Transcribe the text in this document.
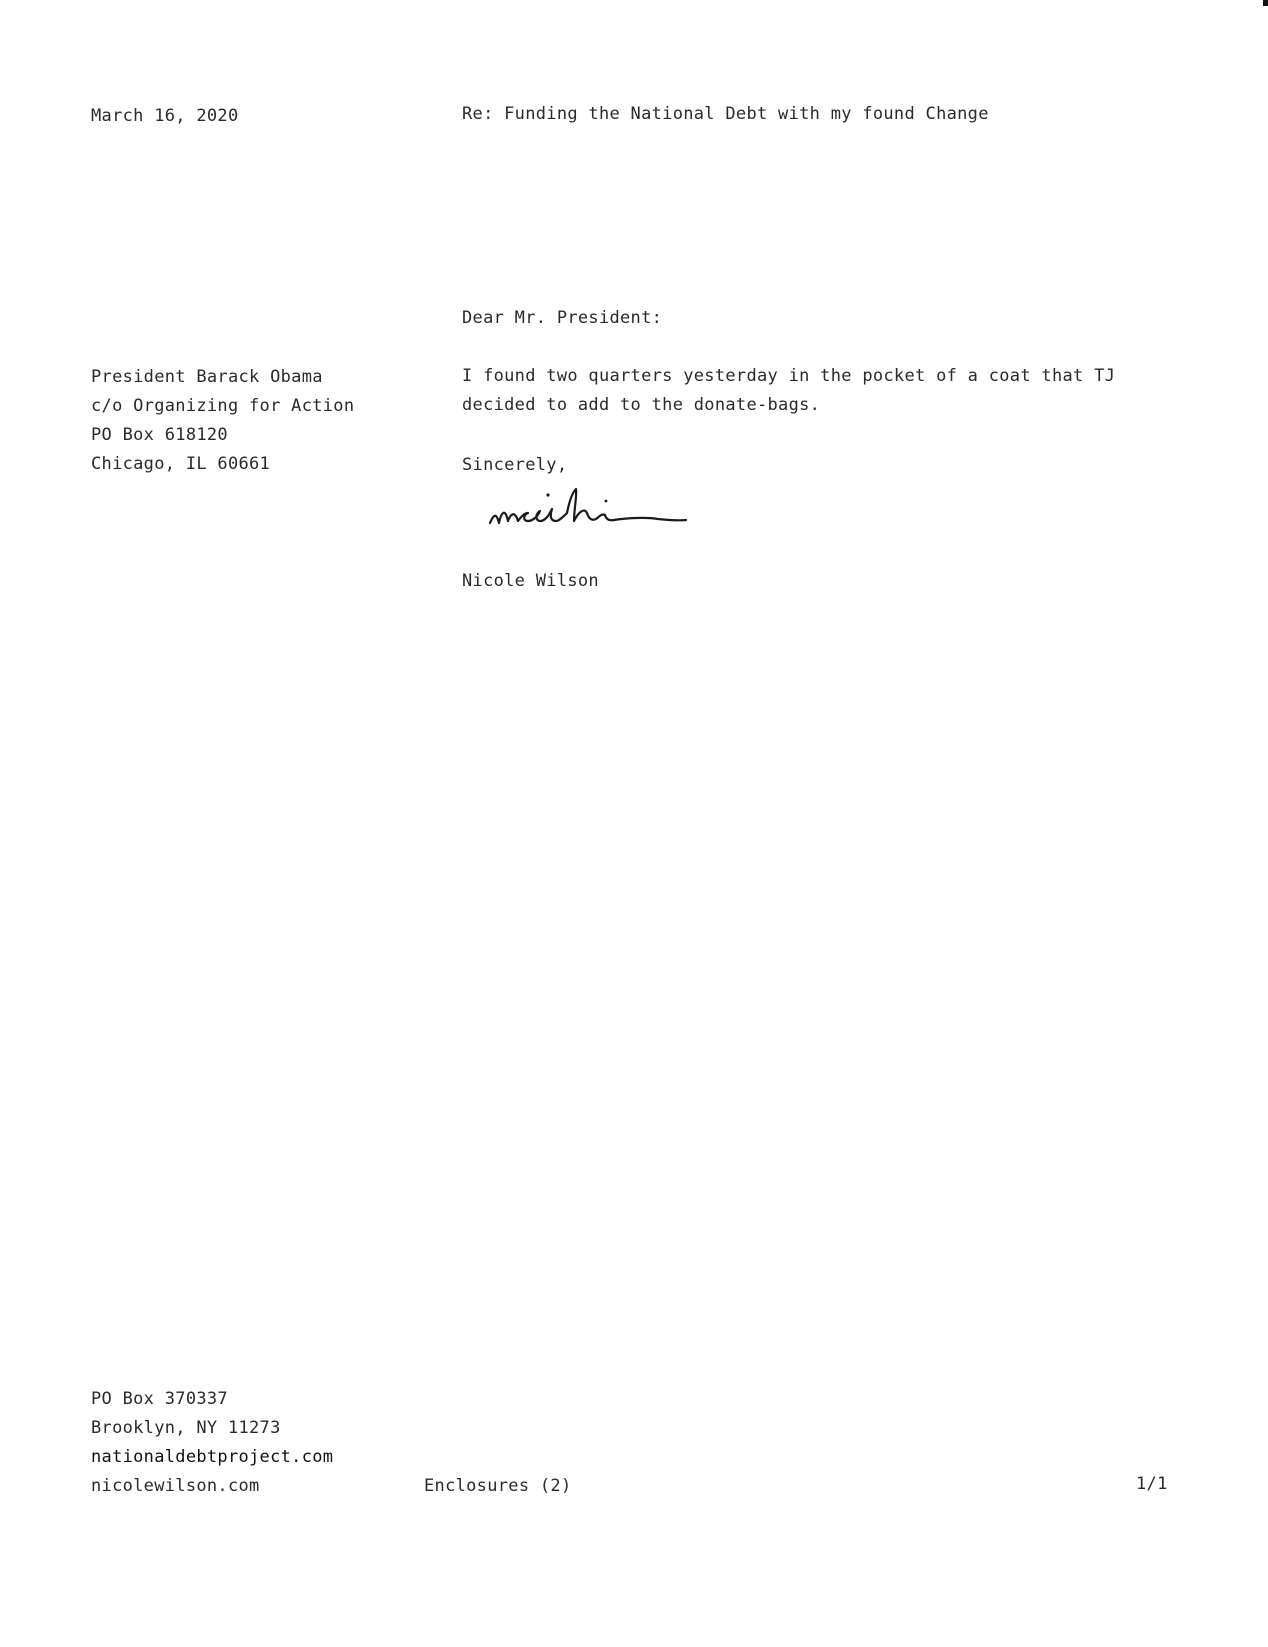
March 16, 2020	Re: Funding the National Debt with my found Change
Dear Mr. President:
President Barack Obama
c/o Organizing for Action
PO Box 618120
Chicago, IL 60661
I found two quarters yesterday in the pocket of a coat that TJ
decided to add to the donate-bags.
Sincerely,
Nicole Wilson
PO Box 370337
Brooklyn, NY 11273
nationaldebtproject.com
nicolewilson.com	Enclosures (2)	1/1
